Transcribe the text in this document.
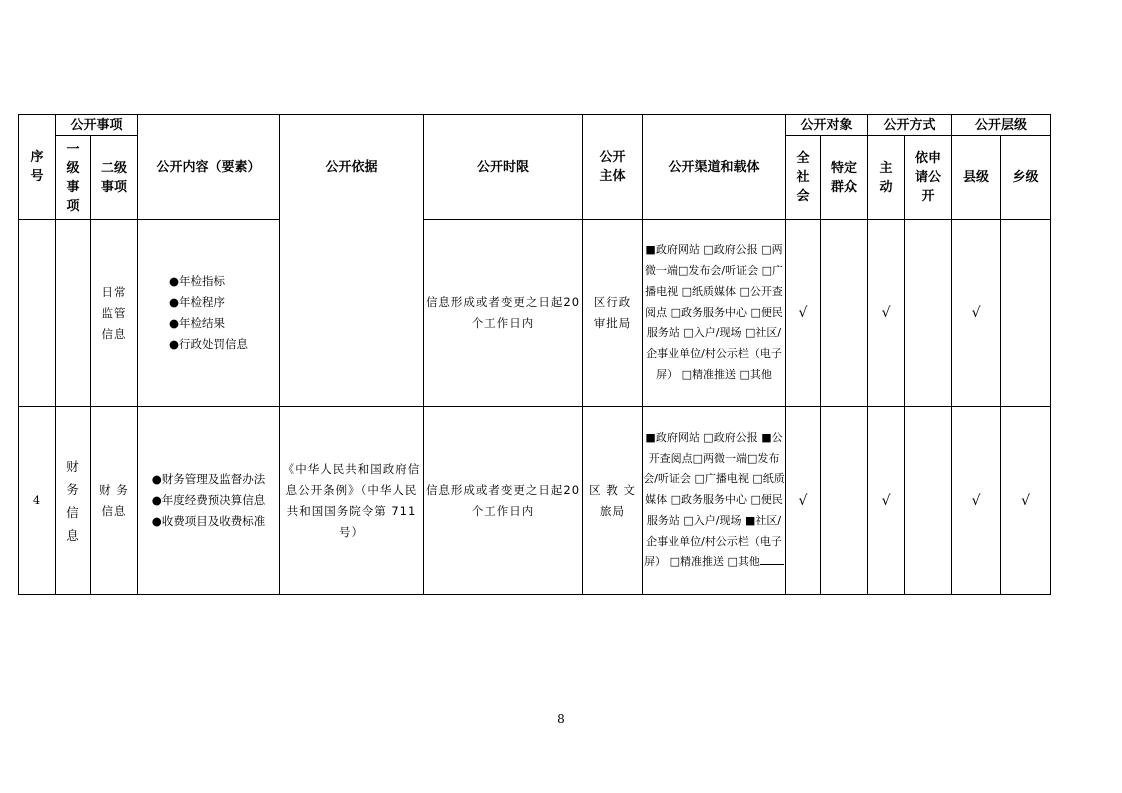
序号	公开事项		公开内容（要素）	公开依据	公开时限	公开主体	公开渠道和载体	公开对象		公开方式		公开层级	
	一级事项	二级事项						全社会	特定群众	主动	依申请公开	县级	乡级
		日常监管信息	●年检指标
●年检程序
●年检结果
●行政处罚信息		信息形成或者变更之日起20个工作日内	区行政审批局	■政府网站 □政府公报 □两微一端□发布会/听证会 □广播电视 □纸质媒体 □公开查阅点 □政务服务中心 □便民服务站 □入户/现场 □社区/企事业单位/村公示栏（电子屏） □精准推送 □其他	√		√		√	
4	财务信息	财 务 信息	●财务管理及监督办法
●年度经费预决算信息
●收费项目及收费标准	《中华人民共和国政府信息公开条例》（中华人民共和国国务院令第 711 号）	信息形成或者变更之日起20个工作日内	区 教 文 旅局	■政府网站 □政府公报 ■公开查阅点□两微一端□发布会/听证会 □广播电视 □纸质媒体 □政务服务中心 □便民服务站 □入户/现场 ■社区/企事业单位/村公示栏（电子屏） □精准推送 □其他	√		√		√	√
8
